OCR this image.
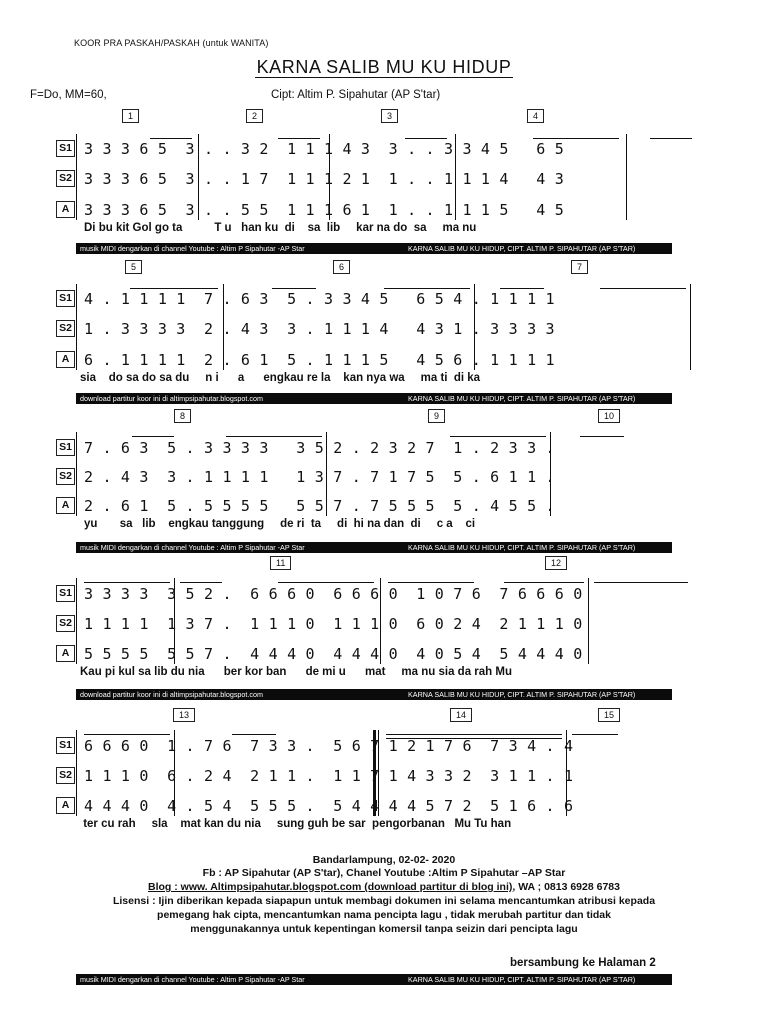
KOOR PRA PASKAH/PASKAH (untuk WANITA)
KARNA SALIB MU KU HIDUP
F=Do, MM=60,	Cipt: Altim P. Sipahutar (AP S'tar)
1	2	3	4
S1
S2
A
3 3 3 6 5  3 . . 3 2  1 1 1 4 3  3 . . 3 3 4 5   6 5
3 3 3 6 5  3 . . 1 7  1 1 1 2 1  1 . . 1 1 1 4   4 3
3 3 3 6 5  3 . . 5 5  1 1 1 6 1  1 . . 1 1 1 5   4 5
Di bu kit Gol go ta          T u   han ku  di    sa  lib     kar na do  sa     ma nu
musik MIDI dengarkan di channel Youtube : Altim P Sipahutar -AP Star	KARNA SALIB MU KU HIDUP, CIPT. ALTIM P. SIPAHUTAR (AP S'TAR)
5	6	7
S1
S2
A
4 . 1 1 1 1  7 . 6 3  5 . 3 3 4 5   6 5 4 . 1 1 1 1
1 . 3 3 3 3  2 . 4 3  3 . 1 1 1 4   4 3 1 . 3 3 3 3
6 . 1 1 1 1  2 . 6 1  5 . 1 1 1 5   4 5 6 . 1 1 1 1
sia    do sa do sa du     n i      a      engkau re la    kan nya wa     ma ti  di ka
download partitur koor ini di altimpsipahutar.blogspot.com	KARNA SALIB MU KU HIDUP, CIPT. ALTIM P. SIPAHUTAR (AP S'TAR)
8	9	10
S1
S2
A
7 . 6 3  5 . 3 3 3 3   3 5 2 . 2 3 2 7  1 . 2 3 3 .
2 . 4 3  3 . 1 1 1 1   1 3 7 . 7 1 7 5  5 . 6 1 1 .
2 . 6 1  5 . 5 5 5 5   5 5 7 . 7 5 5 5  5 . 4 5 5 .
yu       sa   lib    engkau tanggung     de ri  ta     di  hi na dan  di     c a    ci
musik MIDI dengarkan di channel Youtube : Altim P Sipahutar -AP Star	KARNA SALIB MU KU HIDUP, CIPT. ALTIM P. SIPAHUTAR (AP S'TAR)
11	12
S1
S2
A
3 3 3 3  3 5 2 .  6 6 6 0  6 6 6 0  1 0 7 6  7 6 6 6 0
1 1 1 1  1 3 7 .  1 1 1 0  1 1 1 0  6 0 2 4  2 1 1 1 0
5 5 5 5  5 5 7 .  4 4 4 0  4 4 4 0  4 0 5 4  5 4 4 4 0
Kau pi kul sa lib du nia      ber kor ban      de mi u      mat     ma nu sia da rah Mu
download partitur koor ini di altimpsipahutar.blogspot.com	KARNA SALIB MU KU HIDUP, CIPT. ALTIM P. SIPAHUTAR (AP S'TAR)
13	14	15
S1
S2
A
6 6 6 0  1 . 7 6  7 3 3 .  5 6 7 1 2 1 7 6  7 3 4 . 4
1 1 1 0  6 . 2 4  2 1 1 .  1 1 7 1 4 3 3 2  3 1 1 . 1
4 4 4 0  4 . 5 4  5 5 5 .  5 4 4 4 4 5 7 2  5 1 6 . 6
ter cu rah     sla    mat kan du nia     sung guh be sar  pengorbanan   Mu Tu han
Bandarlampung, 02-02- 2020
Fb : AP Sipahutar (AP S'tar), Chanel Youtube :Altim P Sipahutar –AP Star
Blog : www. Altimpsipahutar.blogspot.com (download partitur di blog ini), WA ; 0813 6928 6783
Lisensi : Ijin diberikan kepada siapapun untuk membagi dokumen ini selama mencantumkan atribusi kepada
pemegang hak cipta, mencantumkan nama pencipta lagu , tidak merubah partitur dan tidak
menggunakannya untuk kepentingan komersil tanpa seizin dari pencipta lagu
bersambung ke Halaman 2
musik MIDI dengarkan di channel Youtube : Altim P Sipahutar -AP Star	KARNA SALIB MU KU HIDUP, CIPT. ALTIM P. SIPAHUTAR (AP S'TAR)
